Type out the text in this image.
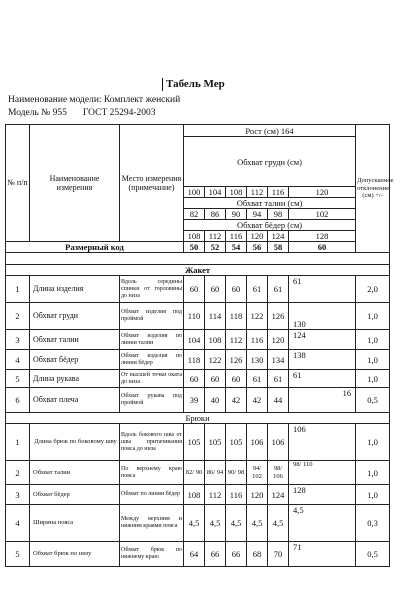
Табель Мер
Наименование модели: Комплект женский
Модель № 955 ГОСТ 25294-2003
№ п/п	Наименование измерения	Место измерения (примечание)	Рост (см) 164						Допускаемое отклонение (см) +/-
			Обхват груди (см)						
			100	104	108	112	116	120	
			Обхват талии (см)						
			82	86	90	94	98	102	
			Обхват бёдер (см)						
			108	112	116	120	124	128	
Размерный код			50	52	54	56	58	60	

Жакет									
1	Длина изделия	Вдоль середины спинки от горловины до низа	60	60	60	61	61	61	2,0
2	Обхват груди	Обхват изделия под проймой	110	114	118	122	126	130	1,0
3	Обхват талии	Обхват изделия по линии талии	104	108	112	116	120	124	1,0
4	Обхват бёдер	Обхват изделия по линии бёдер	118	122	126	130	134	138	1,0
5	Длина рукава	От высшей точки оката до низа	60	60	60	61	61	61	1,0
6	Обхват плеча	Обхват рукава под проймой	39	40	42	42	44	16	0,5
Брюки									
1	Длина брюк по боковому шву	Вдоль бокового шва от шва притачивания пояса до низа	105	105	105	106	106	106	1,0
2	Обхват талии	По верхнему краю пояса	82/ 90	86/ 94	90/ 98	94/ 102	98/ 106	98/ 110	1,0
3	Обхват бёдер	Обхват по линии бёдер	108	112	116	120	124	128	1,0
4	Ширина пояса	Между верхним и нижним краями пояса	4,5	4,5	4,5	4,5	4,5	4,5	0,3
5	Обхват брюк по низу	Обхват брюк по нижнему краю	64	66	66	68	70	71	0,5
